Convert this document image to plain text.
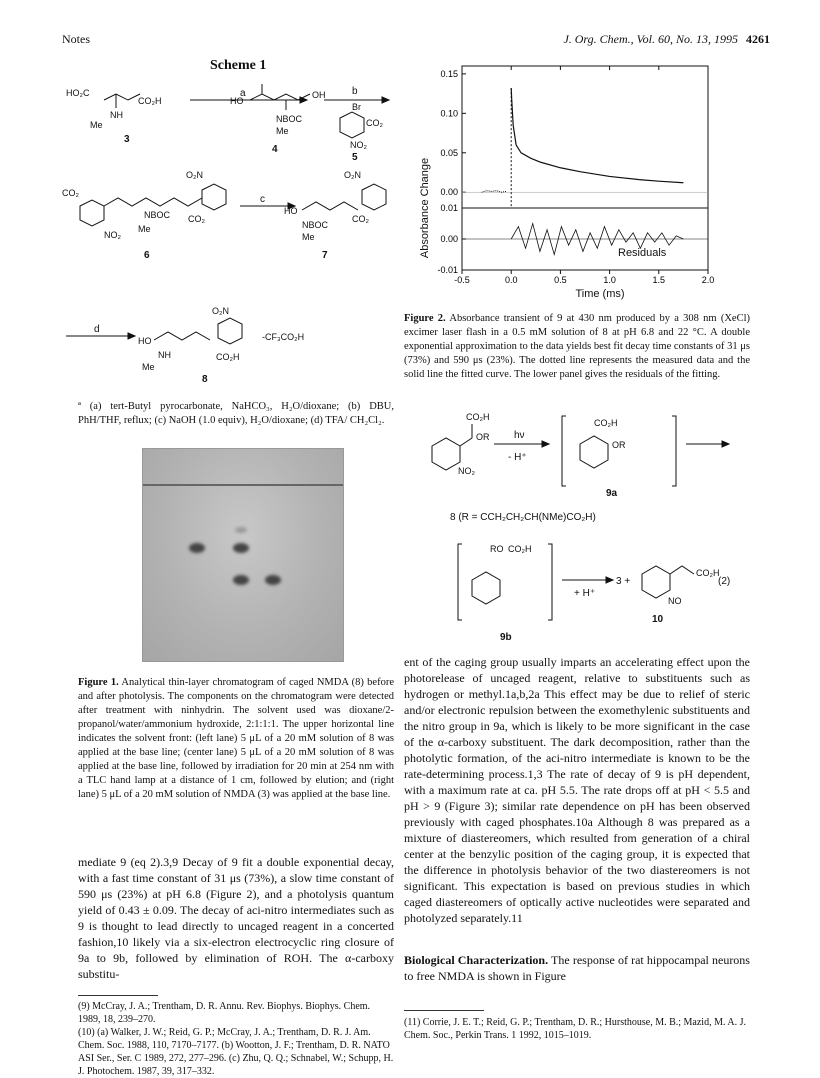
Notes	J. Org. Chem., Vol. 60, No. 13, 1995 4261
Scheme 1
HO₂C
CO₂H
NH
Me
HO
OH
NBOC
Me
Br
CO₂
NO₂
CO₂
NO₂
NBOC
Me
O₂N
CO₂
HO
NBOC
Me
O₂N
CO₂
HO
NH
Me
O₂N
CO₂H
-CF₃CO₂H
a	b
c
d
3
4
5
6	7
8
ª (a) tert-Butyl pyrocarbonate, NaHCO₃, H₂O/dioxane; (b) DBU, PhH/THF, reflux; (c) NaOH (1.0 equiv), H₂O/dioxane; (d) TFA/ CH₂Cl₂.
Figure 1. Analytical thin-layer chromatogram of caged NMDA (8) before and after photolysis. The components on the chromatogram were detected after treatment with ninhydrin. The solvent used was dioxane/2-propanol/water/ammonium hydroxide, 2:1:1:1. The upper horizontal line indicates the solvent front: (left lane) 5 μL of a 20 mM solution of 8 was applied at the base line; (center lane) 5 μL of a 20 mM solution of 8 was applied at the base line, followed by irradiation for 20 min at 254 nm with a TLC hand lamp at a distance of 1 cm, followed by elution; and (right lane) 5 μL of a 20 mM solution of NMDA (3) was applied at the base line.
mediate 9 (eq 2).3,9 Decay of 9 fit a double exponential decay, with a fast time constant of 31 μs (73%), a slow time constant of 590 μs (23%) at pH 6.8 (Figure 2), and a photolysis quantum yield of 0.43 ± 0.09. The decay of aci-nitro intermediates such as 9 is thought to lead directly to uncaged reagent in a concerted fashion,10 likely via a six-electron electrocyclic ring closure of 9a to 9b, followed by elimination of ROH. The α-carboxy substitu-
(9) McCray, J. A.; Trentham, D. R. Annu. Rev. Biophys. Biophys. Chem. 1989, 18, 239–270.
(10) (a) Walker, J. W.; Reid, G. P.; McCray, J. A.; Trentham, D. R. J. Am. Chem. Soc. 1988, 110, 7170–7177. (b) Wootton, J. F.; Trentham, D. R. NATO ASI Ser., Ser. C 1989, 272, 277–296. (c) Zhu, Q. Q.; Schnabel, W.; Schupp, H. J. Photochem. 1987, 39, 317–332.
Absorbance Change
Time (ms)
Residuals
-0.5	0.0	0.5	1.0	1.5	2.0
0.00
0.05
0.10
0.15
-0.01
0.00
0.01
Figure 2. Absorbance transient of 9 at 430 nm produced by a 308 nm (XeCl) excimer laser flash in a 0.5 mM solution of 8 at pH 6.8 and 22 °C. A double exponential approximation to the data yields best fit decay time constants of 31 μs (73%) and 590 μs (23%). The dotted line represents the measured data and the solid line the fitted curve. The lower panel gives the residuals of the fitting.
CO₂H
OR
NO₂
CO₂H
OR
RO CO₂H
CO₂H
NO
hν
- H⁺
9a
8 (R = CCH₂CH₂CH(NMe)CO₂H)
+ H⁺
3 +	(2)
9b
10
ent of the caging group usually imparts an accelerating effect upon the photorelease of uncaged reagent, relative to substituents such as hydrogen or methyl.1a,b,2a This effect may be due to relief of steric and/or electronic repulsion between the exomethylenic substituents and the nitro group in 9a, which is likely to be more significant in the case of the α-carboxy substituent. The dark decomposition, rather than the photolytic formation, of the aci-nitro intermediate is known to be the rate-determining process.1,3 The rate of decay of 9 is pH dependent, with a maximum rate at ca. pH 5.5. The rate drops off at pH < 5.5 and pH > 9 (Figure 3); similar rate dependence on pH has been observed previously with caged phosphates.10a Although 8 was prepared as a mixture of diastereomers, which resulted from generation of a chiral center at the benzylic position of the caging group, it is expected that the difference in photolysis behavior of the two diastereomers is not significant. This expectation is based on previous studies in which caged diastereomers of optically active nucleotides were separated and photolyzed separately.11
Biological Characterization. The response of rat hippocampal neurons to free NMDA is shown in Figure
(11) Corrie, J. E. T.; Reid, G. P.; Trentham, D. R.; Hursthouse, M. B.; Mazid, M. A. J. Chem. Soc., Perkin Trans. 1 1992, 1015–1019.
